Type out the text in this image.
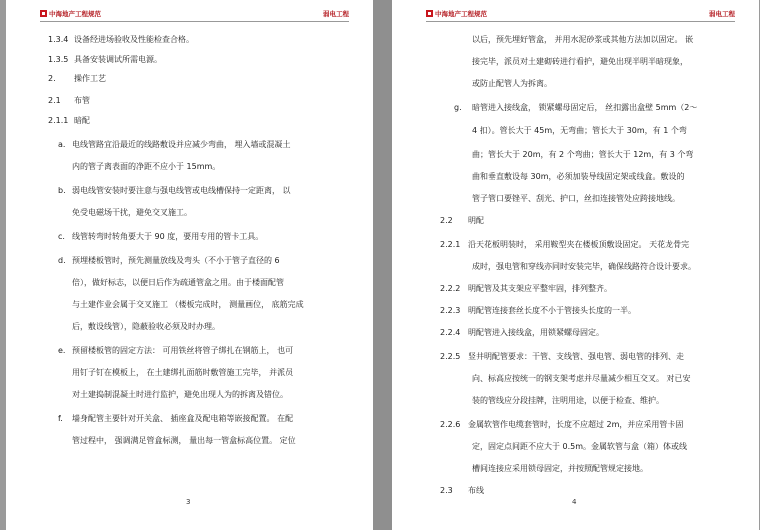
中海地产工程规范	弱电工程
1.3.4 设备经进场验收及性能检查合格。
1.3.5 具备安装调试所需电源。
2. 操作工艺
2.1 布管
2.1.1 暗配
a. 电线管路宜沿最近的线路敷设并应减少弯曲， 埋入墙或混凝土
内的管子离表面的净距不应小于 15mm。
b. 弱电线管安装时要注意与强电线管或电线槽保持一定距离， 以
免受电磁场干扰，避免交叉施工。
c. 线管转弯时转角要大于 90 度，要用专用的管卡工具。
d. 预埋楼板管时，预先测量放线及弯头（不小于管子直径的 6
倍），做好标志，以便日后作为疏通管盒之用。由于楼面配管
与土建作业会属于交叉施工 （楼板完成时， 测量画位， 底筋完成
后，敷设线管），隐蔽验收必须及时办理。
e. 预留楼板管的固定方法： 可用铁丝将管子绑扎在钢筋上， 也可
用钉子钉在模板上， 在土建绑扎面筋时敷管施工完毕， 并派员
对土建捣制混凝土时进行监护，避免出现人为的拆离及错位。
f. 墙身配管主要针对开关盒、 插座盒及配电箱等嵌接配置。 在配
管过程中， 强调满足管盒标测， 量出每一管盒标高位置。 定位
3
中海地产工程规范	弱电工程
以后，预先埋好管盒， 并用水泥砂浆或其他方法加以固定。 嵌
接完毕，派员对土建砌砖进行看护，避免出现半明半暗现象，
或防止配管人为拆离。
g. 暗管进入接线盒， 锁紧螺母固定后， 丝扣露出盒壁 5mm（2～
4 扣）。管长大于 45m，无弯曲；管长大于 30m，有 1 个弯
曲；管长大于 20m，有 2 个弯曲；管长大于 12m，有 3 个弯
曲和垂直敷设每 30m，必须加装导线固定架或线盒。敷设的
管子管口要锉平、刮光、护口，丝扣连接管处应跨接地线。
2.2 明配
2.2.1 沿天花板明装时， 采用鞍型夹在楼板顶敷设固定。 天花龙骨完
成时，强电管和穿线亦同时安装完毕，确保线路符合设计要求。
2.2.2 明配管及其支架应平整牢固，排列整齐。
2.2.3 明配管连接套丝长度不小于管接头长度的一半。
2.2.4 明配管进入接线盒，用锁紧螺母固定。
2.2.5 竖井明配管要求：干管、支线管、强电管、弱电管的排列、走
向、标高应按统一的钢支架考虑并尽量减少相互交叉。 对已安
装的管线应分段挂牌，注明用途，以便于检查、维护。
2.2.6 金属软管作电缆套管时，长度不应超过 2m，并应采用管卡固
定，固定点间距不应大于 0.5m。金属软管与盒（箱）体或线
槽间连接应采用锁母固定，并按照配管规定接地。
2.3 布线
4
